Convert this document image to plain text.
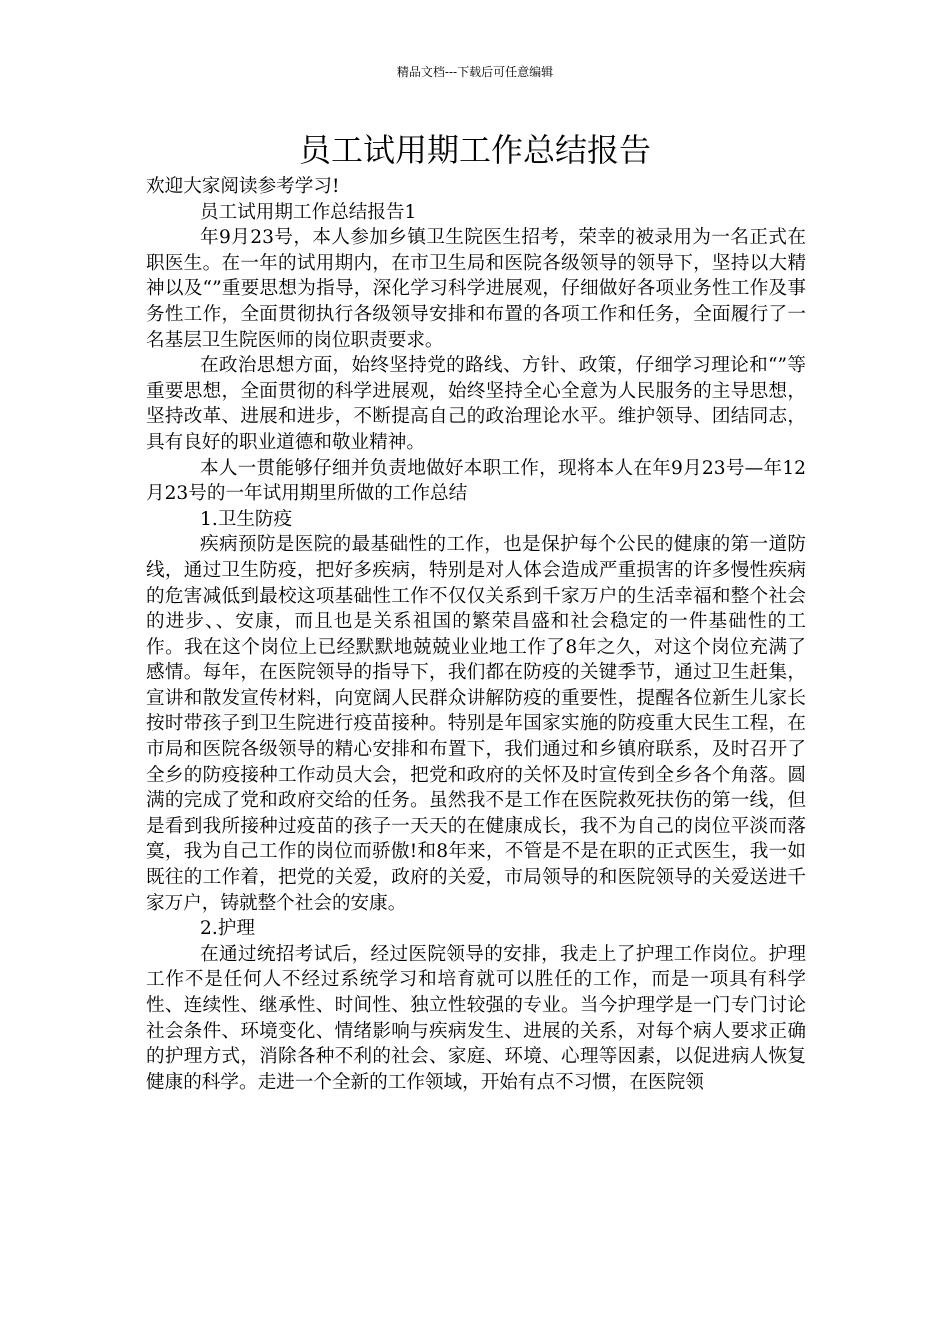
精品文档---下载后可任意编辑
员工试用期工作总结报告

欢迎大家阅读参考学习!

员工试用期工作总结报告1

年9月23号，本人参加乡镇卫生院医生招考，荣幸的被录用为一名正式在职医生。在一年的试用期内，在市卫生局和医院各级领导的领导下，坚持以大精神以及“”重要思想为指导，深化学习科学进展观，仔细做好各项业务性工作及事务性工作，全面贯彻执行各级领导安排和布置的各项工作和任务，全面履行了一名基层卫生院医师的岗位职责要求。

在政治思想方面，始终坚持党的路线、方针、政策，仔细学习理论和“”等重要思想，全面贯彻的科学进展观，始终坚持全心全意为人民服务的主导思想，坚持改革、进展和进步，不断提高自己的政治理论水平。维护领导、团结同志，具有良好的职业道德和敬业精神。

本人一贯能够仔细并负责地做好本职工作，现将本人在年9月23号—年12月23号的一年试用期里所做的工作总结

1.卫生防疫

疾病预防是医院的最基础性的工作，也是保护每个公民的健康的第一道防线，通过卫生防疫，把好多疾病，特别是对人体会造成严重损害的许多慢性疾病的危害减低到最校这项基础性工作不仅仅关系到千家万户的生活幸福和整个社会的进步、、安康，而且也是关系祖国的繁荣昌盛和社会稳定的一件基础性的工作。我在这个岗位上已经默默地兢兢业业地工作了8年之久，对这个岗位充满了感情。每年，在医院领导的指导下，我们都在防疫的关键季节，通过卫生赶集，宣讲和散发宣传材料，向宽阔人民群众讲解防疫的重要性，提醒各位新生儿家长按时带孩子到卫生院进行疫苗接种。特别是年国家实施的防疫重大民生工程，在市局和医院各级领导的精心安排和布置下，我们通过和乡镇府联系，及时召开了全乡的防疫接种工作动员大会，把党和政府的关怀及时宣传到全乡各个角落。圆满的完成了党和政府交给的任务。虽然我不是工作在医院救死扶伤的第一线，但是看到我所接种过疫苗的孩子一天天的在健康成长，我不为自己的岗位平淡而落寞，我为自己工作的岗位而骄傲!和8年来，不管是不是在职的正式医生，我一如既往的工作着，把党的关爱，政府的关爱，市局领导的和医院领导的关爱送进千家万户，铸就整个社会的安康。

2.护理

在通过统招考试后，经过医院领导的安排，我走上了护理工作岗位。护理工作不是任何人不经过系统学习和培育就可以胜任的工作，而是一项具有科学性、连续性、继承性、时间性、独立性较强的专业。当今护理学是一门专门讨论社会条件、环境变化、情绪影响与疾病发生、进展的关系，对每个病人要求正确的护理方式，消除各种不利的社会、家庭、环境、心理等因素，以促进病人恢复健康的科学。走进一个全新的工作领域，开始有点不习惯，在医院领
